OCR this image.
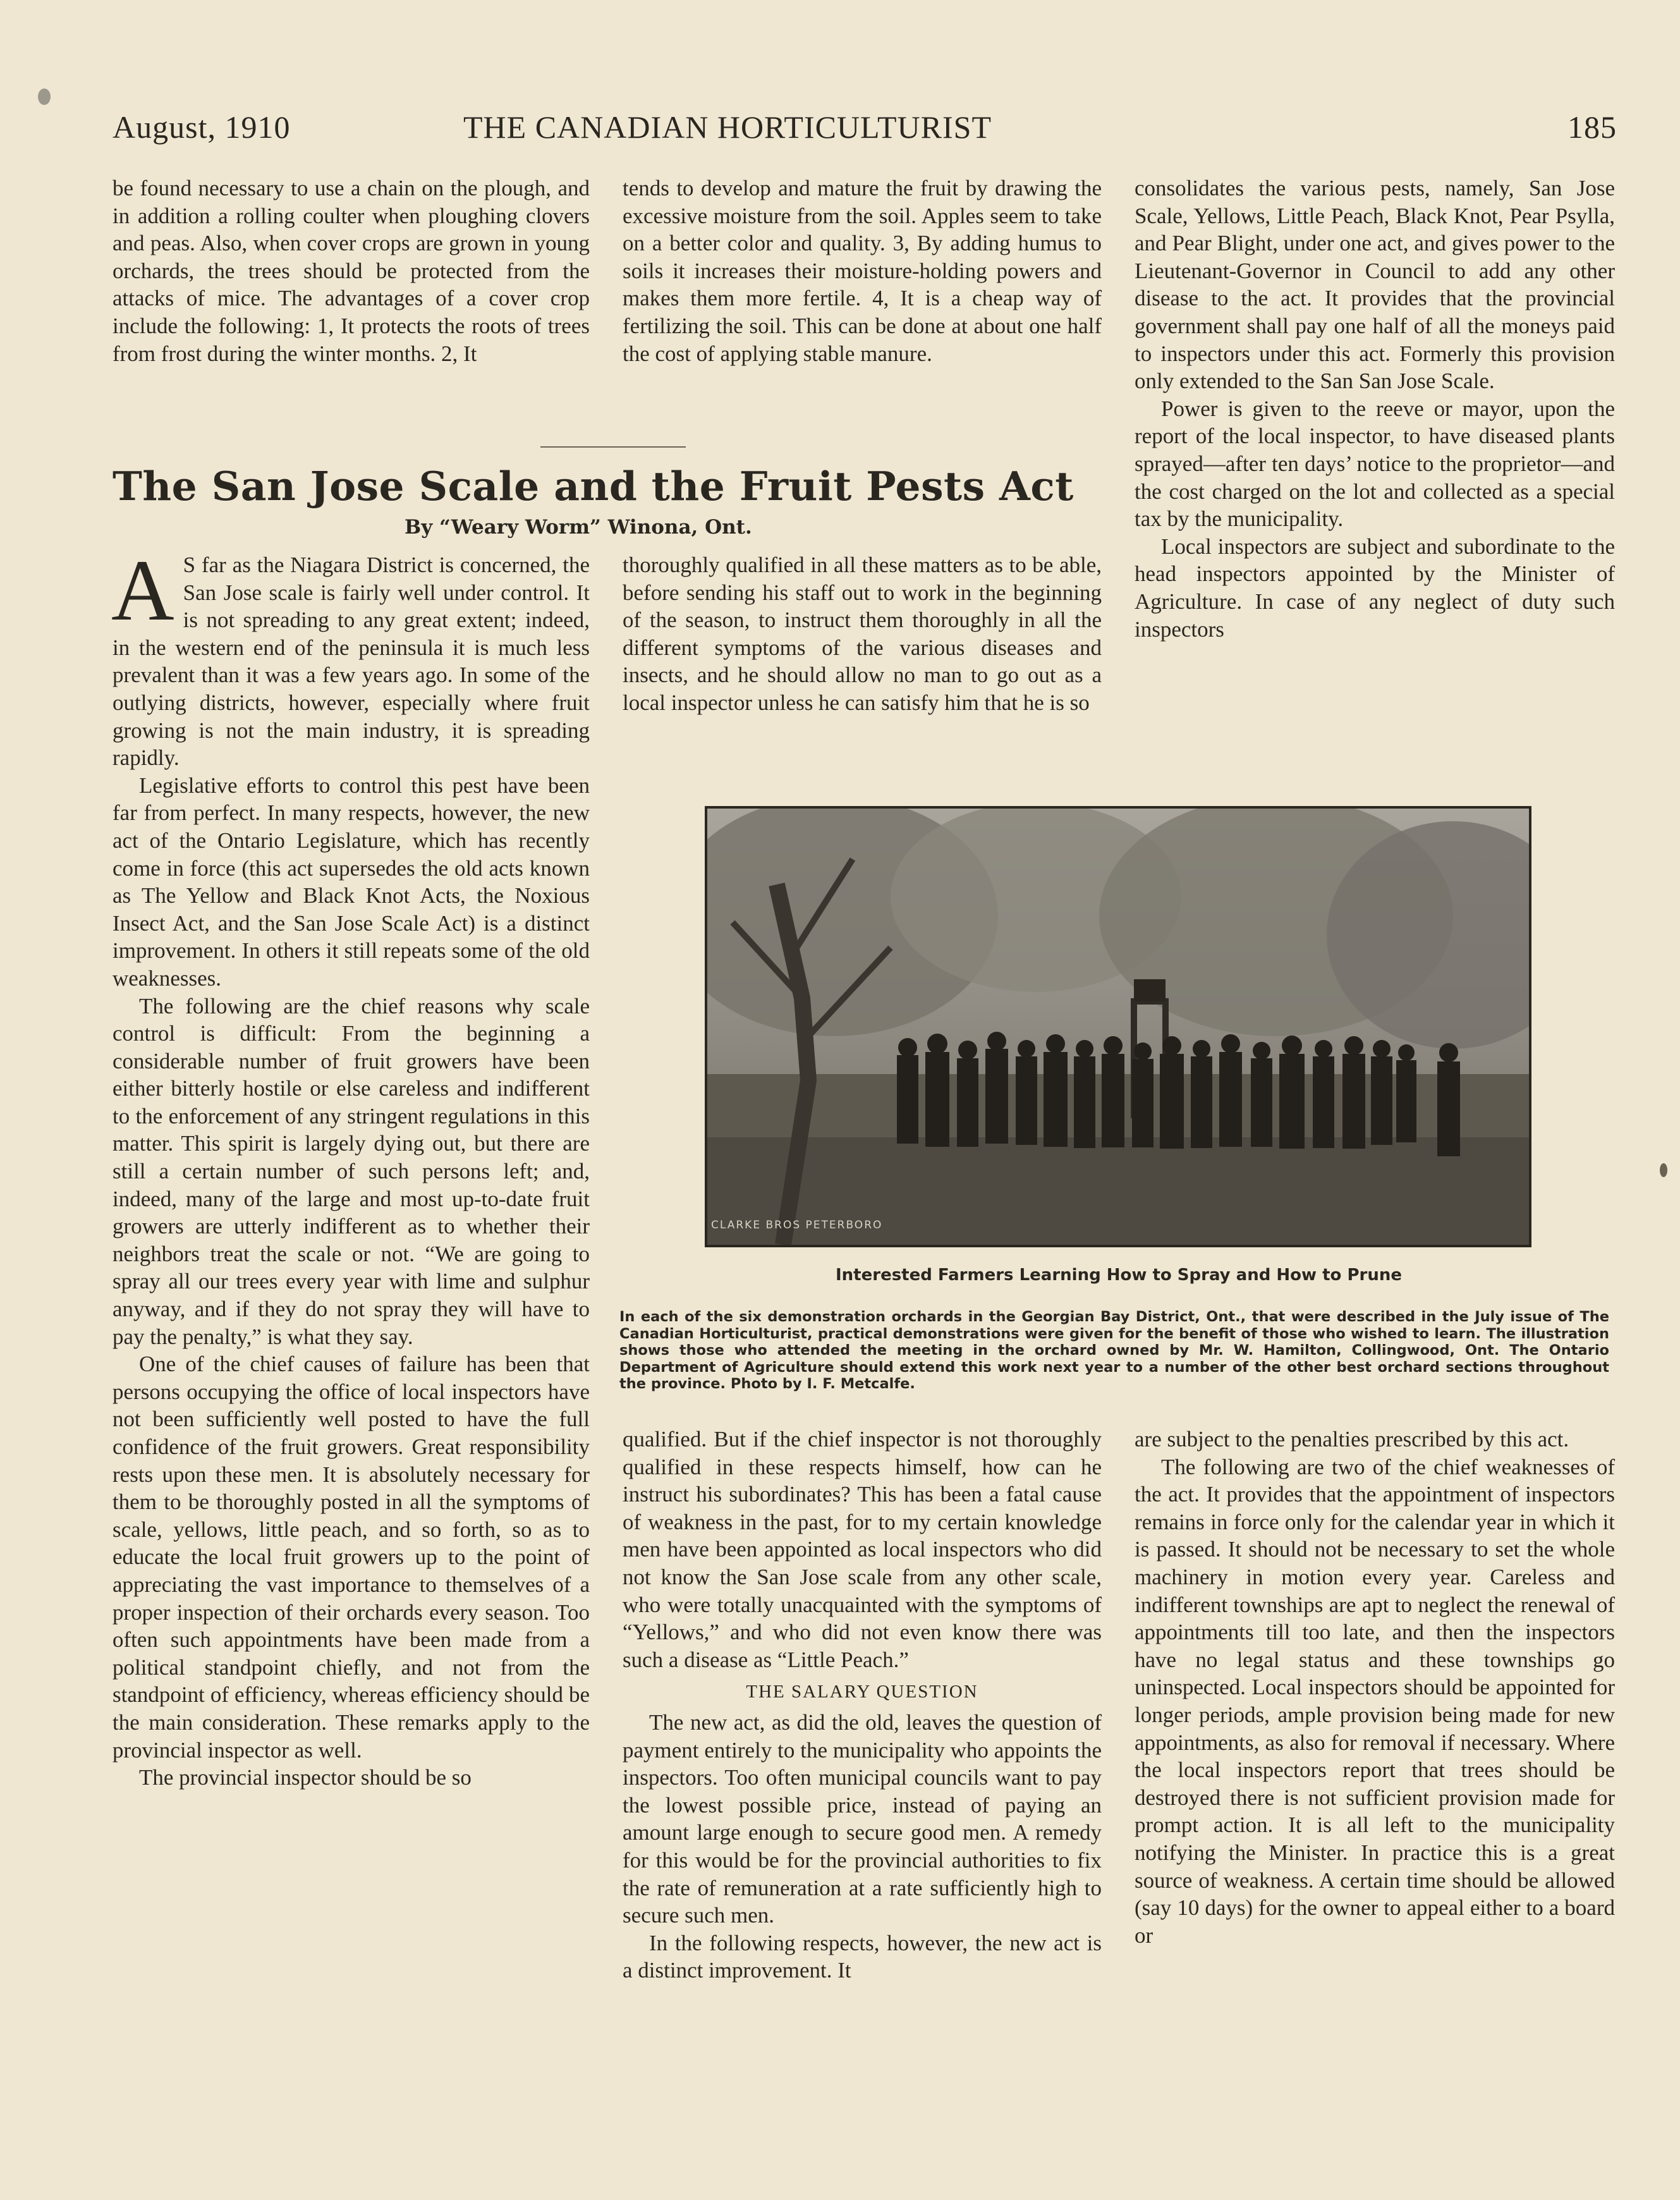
August, 1910	THE CANADIAN HORTICULTURIST	185

be found necessary to use a chain on the plough, and in addition a rolling coulter when ploughing clovers and peas. Also, when cover crops are grown in young orchards, the trees should be protected from the attacks of mice. The advantages of a cover crop include the following: 1, It protects the roots of trees from frost during the winter months. 2, It

tends to develop and mature the fruit by drawing the excessive moisture from the soil. Apples seem to take on a better color and quality. 3, By adding humus to soils it increases their moisture-holding powers and makes them more fertile. 4, It is a cheap way of fertilizing the soil. This can be done at about one half the cost of applying stable manure.

The San Jose Scale and the Fruit Pests Act
By “Weary Worm” Winona, Ont.

A S far as the Niagara District is concerned, the San Jose scale is fairly well under control. It is not spreading to any great extent; indeed, in the western end of the peninsula it is much less prevalent than it was a few years ago. In some of the outlying districts, however, especially where fruit growing is not the main industry, it is spreading rapidly.

Legislative efforts to control this pest have been far from perfect. In many respects, however, the new act of the Ontario Legislature, which has recently come in force (this act supersedes the old acts known as The Yellow and Black Knot Acts, the Noxious Insect Act, and the San Jose Scale Act) is a distinct improvement. In others it still repeats some of the old weaknesses.

The following are the chief reasons why scale control is difficult: From the beginning a considerable number of fruit growers have been either bitterly hostile or else careless and indifferent to the enforcement of any stringent regulations in this matter. This spirit is largely dying out, but there are still a certain number of such persons left; and, indeed, many of the large and most up-to-date fruit growers are utterly indifferent as to whether their neighbors treat the scale or not. “We are going to spray all our trees every year with lime and sulphur anyway, and if they do not spray they will have to pay the penalty,” is what they say.

One of the chief causes of failure has been that persons occupying the office of local inspectors have not been sufficiently well posted to have the full confidence of the fruit growers. Great responsibility rests upon these men. It is absolutely necessary for them to be thoroughly posted in all the symptoms of scale, yellows, little peach, and so forth, so as to educate the local fruit growers up to the point of appreciating the vast importance to themselves of a proper inspection of their orchards every season. Too often such appointments have been made from a political standpoint chiefly, and not from the standpoint of efficiency, whereas efficiency should be the main consideration. These remarks apply to the provincial inspector as well.

The provincial inspector should be so

thoroughly qualified in all these matters as to be able, before sending his staff out to work in the beginning of the season, to instruct them thoroughly in all the different symptoms of the various diseases and insects, and he should allow no man to go out as a local inspector unless he can satisfy him that he is so

consolidates the various pests, namely, San Jose Scale, Yellows, Little Peach, Black Knot, Pear Psylla, and Pear Blight, under one act, and gives power to the Lieutenant-Governor in Council to add any other disease to the act. It provides that the provincial government shall pay one half of all the moneys paid to inspectors under this act. Formerly this provision only extended to the San San Jose Scale.

Power is given to the reeve or mayor, upon the report of the local inspector, to have diseased plants sprayed—after ten days’ notice to the proprietor—and the cost charged on the lot and collected as a special tax by the municipality.

Local inspectors are subject and subordinate to the head inspectors appointed by the Minister of Agriculture. In case of any neglect of duty such inspectors

CLARKE BROS PETERBORO
Interested Farmers Learning How to Spray and How to Prune
In each of the six demonstration orchards in the Georgian Bay District, Ont., that were described in the July issue of The Canadian Horticulturist, practical demonstrations were given for the benefit of those who wished to learn. The illustration shows those who attended the meeting in the orchard owned by Mr. W. Hamilton, Collingwood, Ont. The Ontario Department of Agriculture should extend this work next year to a number of the other best orchard sections throughout the province. Photo by I. F. Metcalfe.

qualified. But if the chief inspector is not thoroughly qualified in these respects himself, how can he instruct his subordinates? This has been a fatal cause of weakness in the past, for to my certain knowledge men have been appointed as local inspectors who did not know the San Jose scale from any other scale, who were totally unacquainted with the symptoms of “Yellows,” and who did not even know there was such a disease as “Little Peach.”

THE SALARY QUESTION

The new act, as did the old, leaves the question of payment entirely to the municipality who appoints the inspectors. Too often municipal councils want to pay the lowest possible price, instead of paying an amount large enough to secure good men. A remedy for this would be for the provincial authorities to fix the rate of remuneration at a rate sufficiently high to secure such men.

In the following respects, however, the new act is a distinct improvement. It

are subject to the penalties prescribed by this act.

The following are two of the chief weaknesses of the act. It provides that the appointment of inspectors remains in force only for the calendar year in which it is passed. It should not be necessary to set the whole machinery in motion every year. Careless and indifferent townships are apt to neglect the renewal of appointments till too late, and then the inspectors have no legal status and these townships go uninspected. Local inspectors should be appointed for longer periods, ample provision being made for new appointments, as also for removal if necessary. Where the local inspectors report that trees should be destroyed there is not sufficient provision made for prompt action. It is all left to the municipality notifying the Minister. In practice this is a great source of weakness. A certain time should be allowed (say 10 days) for the owner to appeal either to a board or
